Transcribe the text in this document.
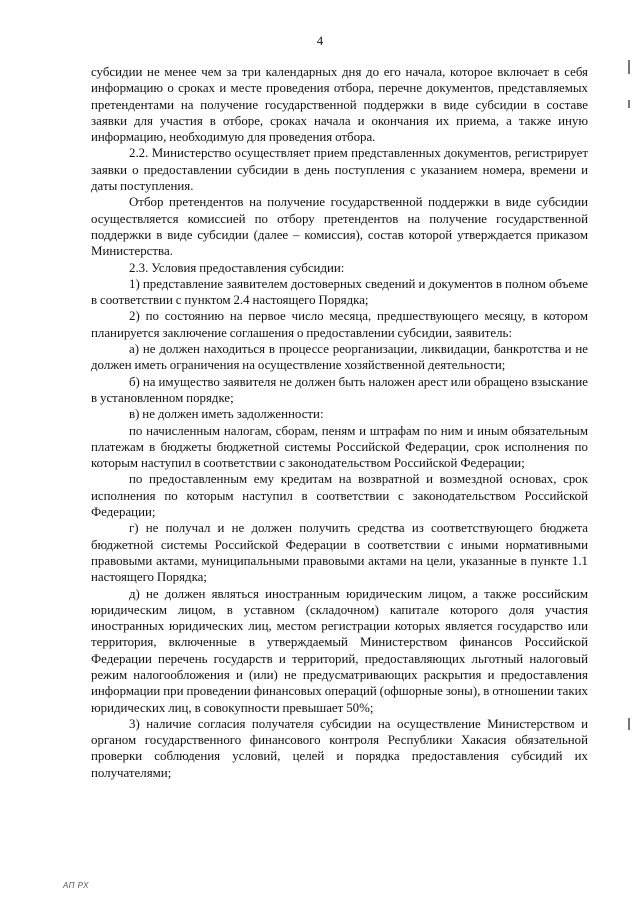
4

субсидии не менее чем за три календарных дня до его начала, которое включает в себя информацию о сроках и месте проведения отбора, перечне документов, представляемых претендентами на получение государственной поддержки в виде субсидии в составе заявки для участия в отборе, сроках начала и окончания их приема, а также иную информацию, необходимую для проведения отбора.

2.2. Министерство осуществляет прием представленных документов, регистрирует заявки о предоставлении субсидии в день поступления с указанием номера, времени и даты поступления.

Отбор претендентов на получение государственной поддержки в виде субсидии осуществляется комиссией по отбору претендентов на получение государственной поддержки в виде субсидии (далее – комиссия), состав которой утверждается приказом Министерства.

2.3. Условия предоставления субсидии:

1) представление заявителем достоверных сведений и документов в полном объеме в соответствии с пунктом 2.4 настоящего Порядка;

2) по состоянию на первое число месяца, предшествующего месяцу, в котором планируется заключение соглашения о предоставлении субсидии, заявитель:

а) не должен находиться в процессе реорганизации, ликвидации, банкротства и не должен иметь ограничения на осуществление хозяйственной деятельности;

б) на имущество заявителя не должен быть наложен арест или обращено взыскание в установленном порядке;

в) не должен иметь задолженности:

по начисленным налогам, сборам, пеням и штрафам по ним и иным обязательным платежам в бюджеты бюджетной системы Российской Федерации, срок исполнения по которым наступил в соответствии с законодательством Российской Федерации;

по предоставленным ему кредитам на возвратной и возмездной основах, срок исполнения по которым наступил в соответствии с законодательством Российской Федерации;

г) не получал и не должен получить средства из соответствующего бюджета бюджетной системы Российской Федерации в соответствии с иными нормативными правовыми актами, муниципальными правовыми актами на цели, указанные в пункте 1.1 настоящего Порядка;

д) не должен являться иностранным юридическим лицом, а также российским юридическим лицом, в уставном (складочном) капитале которого доля участия иностранных юридических лиц, местом регистрации которых является государство или территория, включенные в утверждаемый Министерством финансов Российской Федерации перечень государств и территорий, предоставляющих льготный налоговый режим налогообложения и (или) не предусматривающих раскрытия и предоставления информации при проведении финансовых операций (офшорные зоны), в отношении таких юридических лиц, в совокупности превышает 50%;

3) наличие согласия получателя субсидии на осуществление Министерством и органом государственного финансового контроля Республики Хакасия обязательной проверки соблюдения условий, целей и порядка предоставления субсидий их получателями;

АП РХ
